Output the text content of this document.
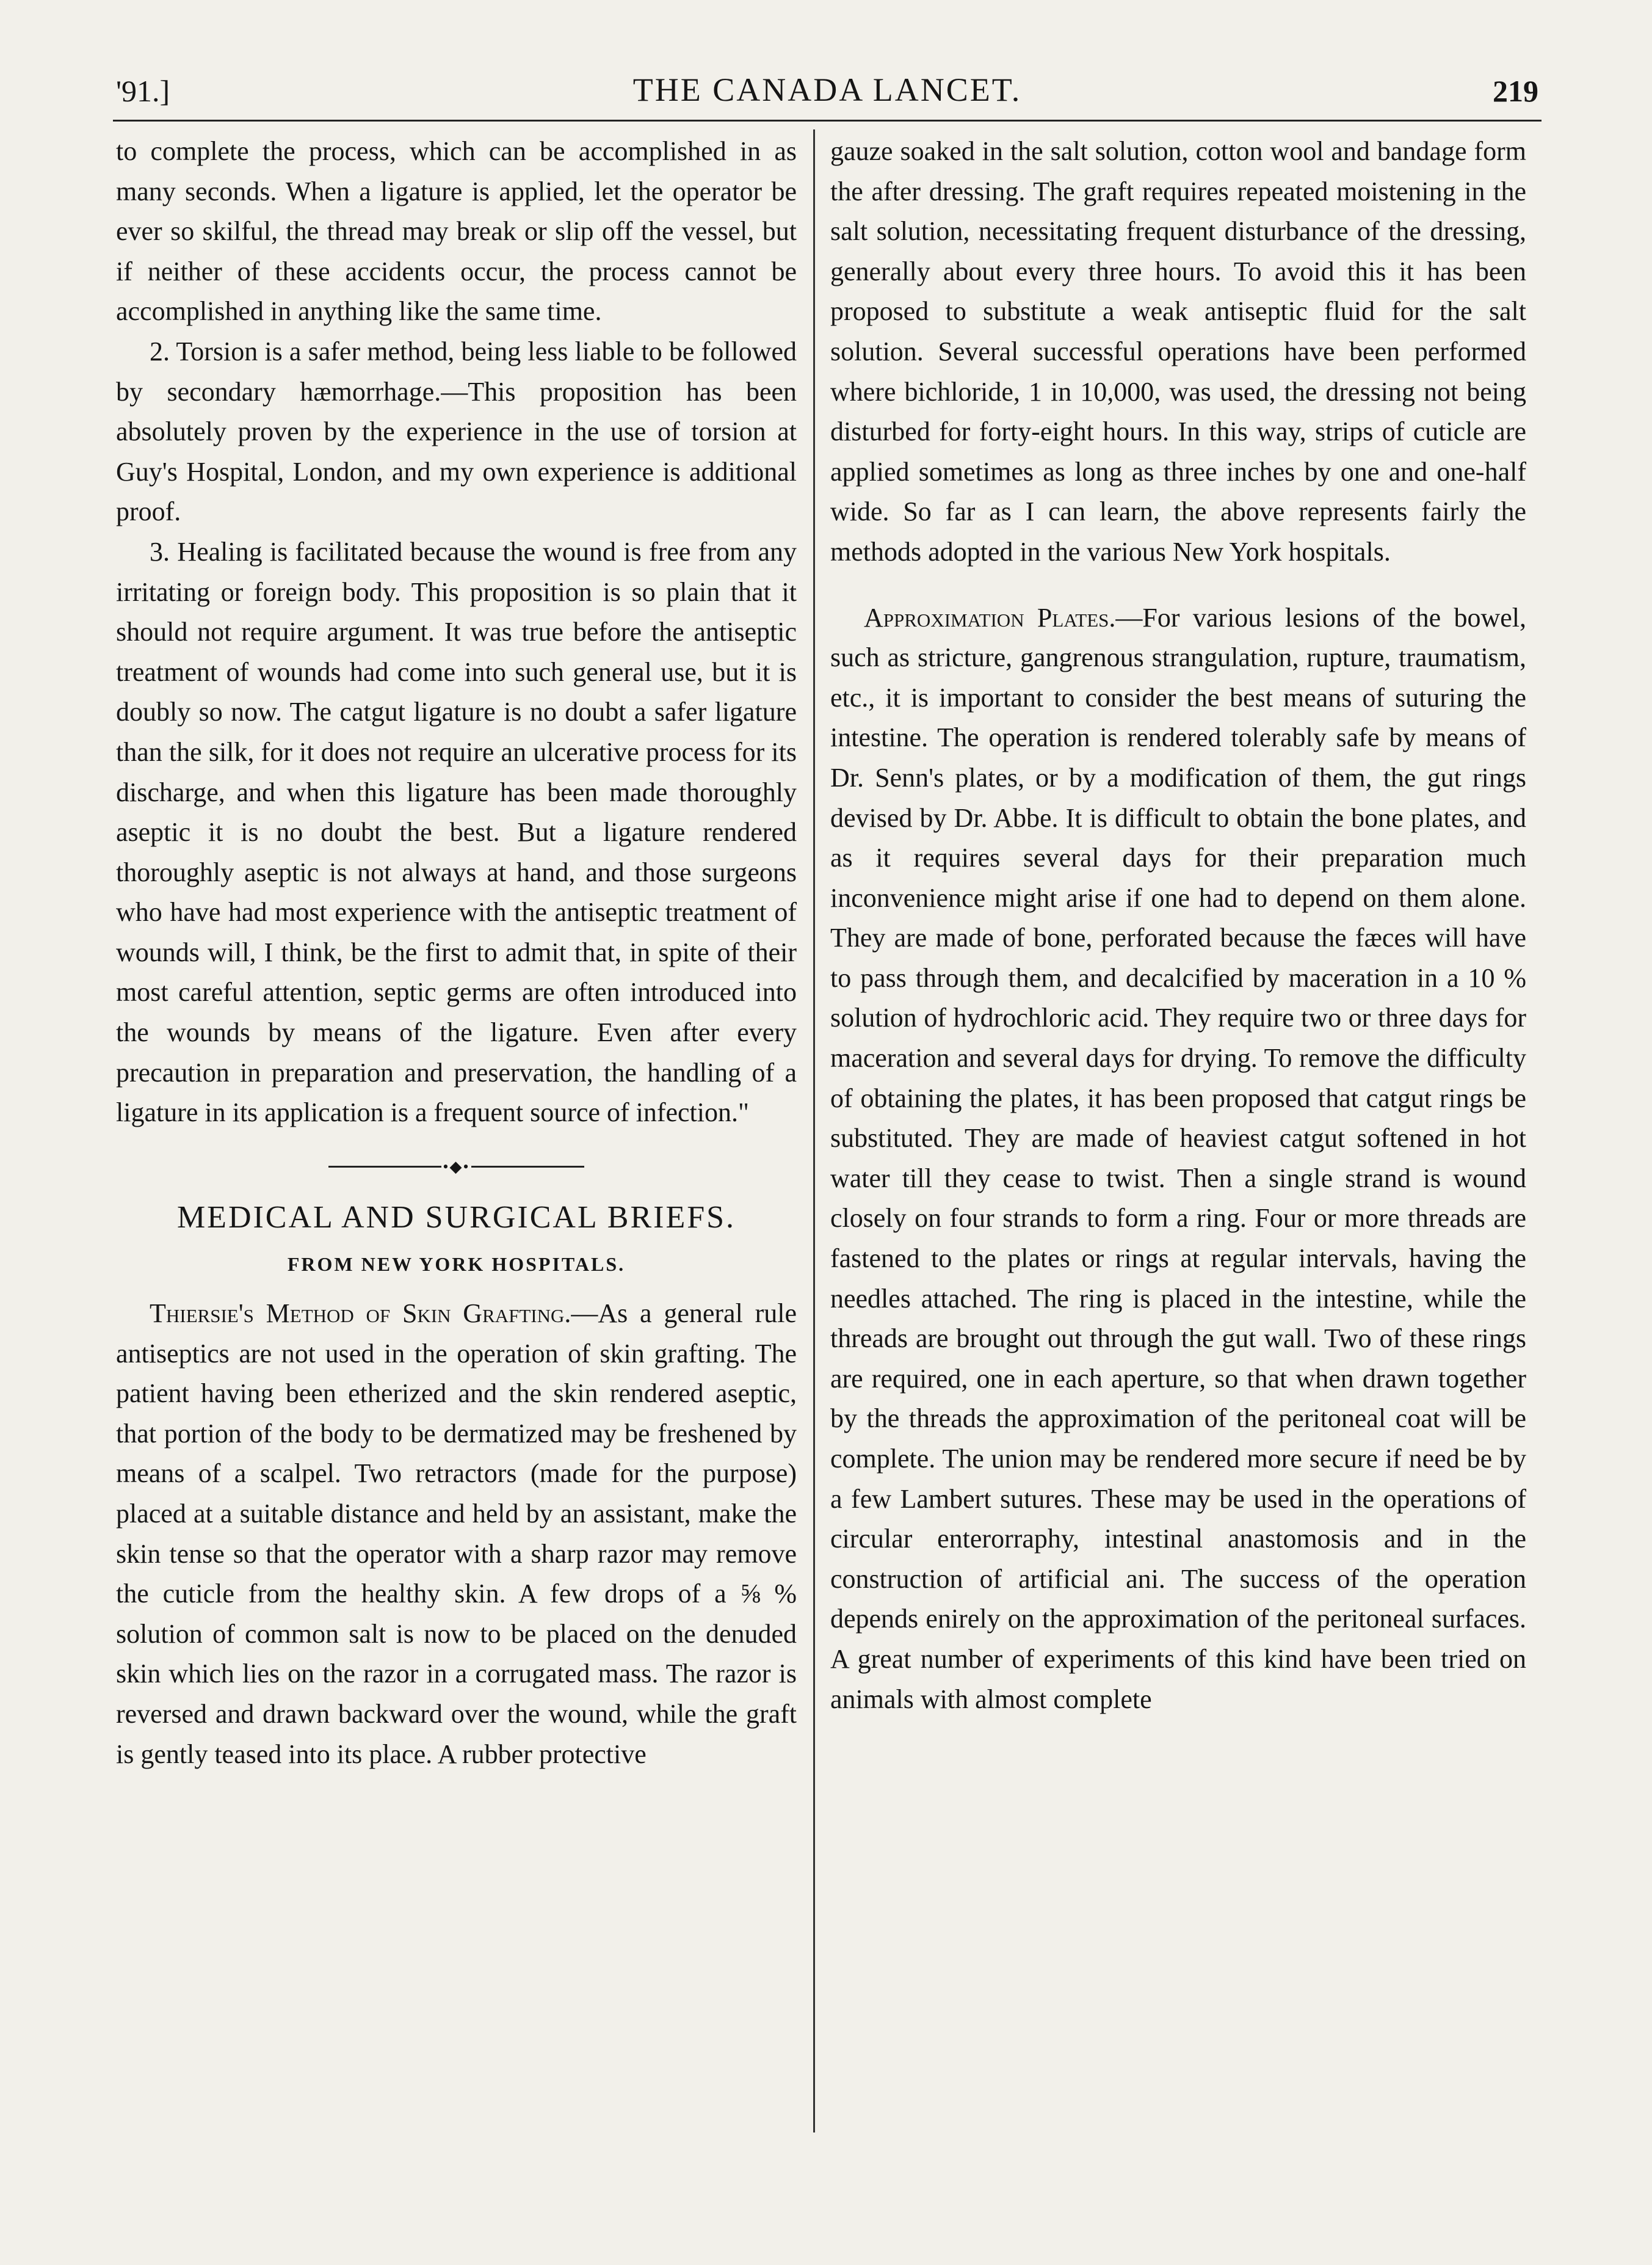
'91.]	THE CANADA LANCET.	219

to complete the process, which can be accomplished in as many seconds. When a ligature is applied, let the operator be ever so skilful, the thread may break or slip off the vessel, but if neither of these accidents occur, the process cannot be accomplished in anything like the same time.

2. Torsion is a safer method, being less liable to be followed by secondary hæmorrhage.—This proposition has been absolutely proven by the experience in the use of torsion at Guy's Hospital, London, and my own experience is additional proof.

3. Healing is facilitated because the wound is free from any irritating or foreign body. This proposition is so plain that it should not require argument. It was true before the antiseptic treatment of wounds had come into such general use, but it is doubly so now. The catgut ligature is no doubt a safer ligature than the silk, for it does not require an ulcerative process for its discharge, and when this ligature has been made thoroughly aseptic it is no doubt the best. But a ligature rendered thoroughly aseptic is not always at hand, and those surgeons who have had most experience with the antiseptic treatment of wounds will, I think, be the first to admit that, in spite of their most careful attention, septic germs are often introduced into the wounds by means of the ligature. Even after every precaution in preparation and preservation, the handling of a ligature in its application is a frequent source of infection."

•◆•
MEDICAL AND SURGICAL BRIEFS.
FROM NEW YORK HOSPITALS.

Thiersie's Method of Skin Grafting.—As a general rule antiseptics are not used in the operation of skin grafting. The patient having been etherized and the skin rendered aseptic, that portion of the body to be dermatized may be freshened by means of a scalpel. Two retractors (made for the purpose) placed at a suitable distance and held by an assistant, make the skin tense so that the operator with a sharp razor may remove the cuticle from the healthy skin. A few drops of a ⅝ % solution of common salt is now to be placed on the denuded skin which lies on the razor in a corrugated mass. The razor is reversed and drawn backward over the wound, while the graft is gently teased into its place. A rubber protective

gauze soaked in the salt solution, cotton wool and bandage form the after dressing. The graft requires repeated moistening in the salt solution, necessitating frequent disturbance of the dressing, generally about every three hours. To avoid this it has been proposed to substitute a weak antiseptic fluid for the salt solution. Several successful operations have been performed where bichloride, 1 in 10,000, was used, the dressing not being disturbed for forty-eight hours. In this way, strips of cuticle are applied sometimes as long as three inches by one and one-half wide. So far as I can learn, the above represents fairly the methods adopted in the various New York hospitals.

Approximation Plates.—For various lesions of the bowel, such as stricture, gangrenous strangulation, rupture, traumatism, etc., it is important to consider the best means of suturing the intestine. The operation is rendered tolerably safe by means of Dr. Senn's plates, or by a modification of them, the gut rings devised by Dr. Abbe. It is difficult to obtain the bone plates, and as it requires several days for their preparation much inconvenience might arise if one had to depend on them alone. They are made of bone, perforated because the fæces will have to pass through them, and decalcified by maceration in a 10 % solution of hydrochloric acid. They require two or three days for maceration and several days for drying. To remove the difficulty of obtaining the plates, it has been proposed that catgut rings be substituted. They are made of heaviest catgut softened in hot water till they cease to twist. Then a single strand is wound closely on four strands to form a ring. Four or more threads are fastened to the plates or rings at regular intervals, having the needles attached. The ring is placed in the intestine, while the threads are brought out through the gut wall. Two of these rings are required, one in each aperture, so that when drawn together by the threads the approximation of the peritoneal coat will be complete. The union may be rendered more secure if need be by a few Lambert sutures. These may be used in the operations of circular enterorraphy, intestinal anastomosis and in the construction of artificial ani. The success of the operation depends enirely on the approximation of the peritoneal surfaces. A great number of experiments of this kind have been tried on animals with almost complete
